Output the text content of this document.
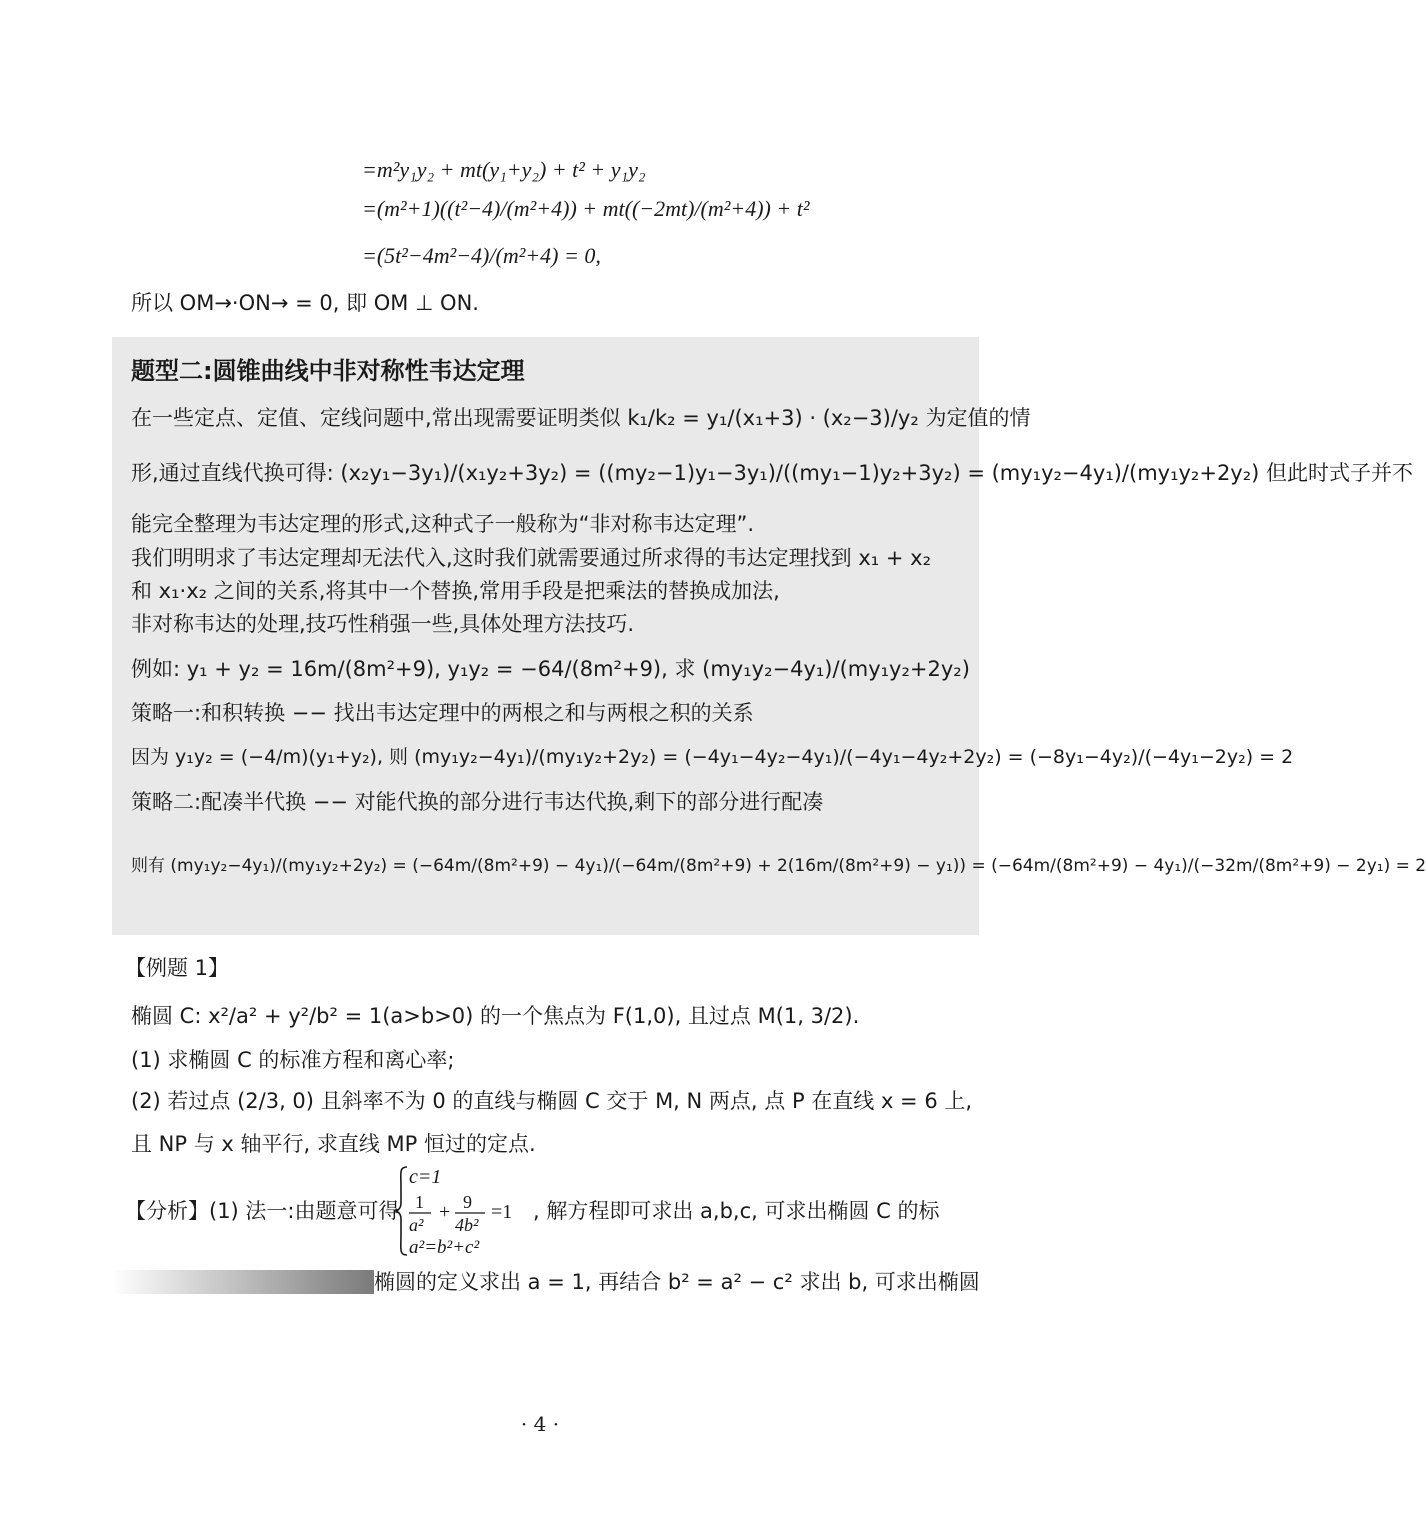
=m²y₁y₂ + mt(y₁+y₂) + t² + y₁y₂
=(m²+1)((t²−4)/(m²+4)) + mt((−2mt)/(m²+4)) + t²
=(5t²−4m²−4)/(m²+4) = 0,
所以 OM→·ON→ = 0, 即 OM ⊥ ON.
题型二:圆锥曲线中非对称性韦达定理
在一些定点、定值、定线问题中,常出现需要证明类似 k₁/k₂ = y₁/(x₁+3) · (x₂−3)/y₂ 为定值的情
形,通过直线代换可得: (x₂y₁−3y₁)/(x₁y₂+3y₂) = ((my₂−1)y₁−3y₁)/((my₁−1)y₂+3y₂) = (my₁y₂−4y₁)/(my₁y₂+2y₂) 但此时式子并不
能完全整理为韦达定理的形式,这种式子一般称为“非对称韦达定理”.
我们明明求了韦达定理却无法代入,这时我们就需要通过所求得的韦达定理找到 x₁ + x₂
和 x₁·x₂ 之间的关系,将其中一个替换,常用手段是把乘法的替换成加法,
非对称韦达的处理,技巧性稍强一些,具体处理方法技巧.
例如: y₁ + y₂ = 16m/(8m²+9), y₁y₂ = −64/(8m²+9), 求 (my₁y₂−4y₁)/(my₁y₂+2y₂)
策略一:和积转换 −− 找出韦达定理中的两根之和与两根之积的关系
因为 y₁y₂ = (−4/m)(y₁+y₂), 则 (my₁y₂−4y₁)/(my₁y₂+2y₂) = (−4y₁−4y₂−4y₁)/(−4y₁−4y₂+2y₂) = (−8y₁−4y₂)/(−4y₁−2y₂) = 2
策略二:配凑半代换 −− 对能代换的部分进行韦达代换,剩下的部分进行配凑
则有 (my₁y₂−4y₁)/(my₁y₂+2y₂) = (−64m/(8m²+9) − 4y₁)/(−64m/(8m²+9) + 2(16m/(8m²+9) − y₁)) = (−64m/(8m²+9) − 4y₁)/(−32m/(8m²+9) − 2y₁) = 2
【例题 1】
椭圆 C: x²/a² + y²/b² = 1(a>b>0) 的一个焦点为 F(1,0), 且过点 M(1, 3/2).
(1) 求椭圆 C 的标准方程和离心率;
(2) 若过点 (2/3, 0) 且斜率不为 0 的直线与椭圆 C 交于 M, N 两点, 点 P 在直线 x = 6 上,
且 NP 与 x 轴平行, 求直线 MP 恒过的定点.
【分析】(1) 法一:由题意可得
c=1
1
a²
+ 9
4b²
=1
a²=b²+c²
, 解方程即可求出 a,b,c, 可求出椭圆 C 的标
椭圆的定义求出 a = 1, 再结合 b² = a² − c² 求出 b, 可求出椭圆
· 4 ·
